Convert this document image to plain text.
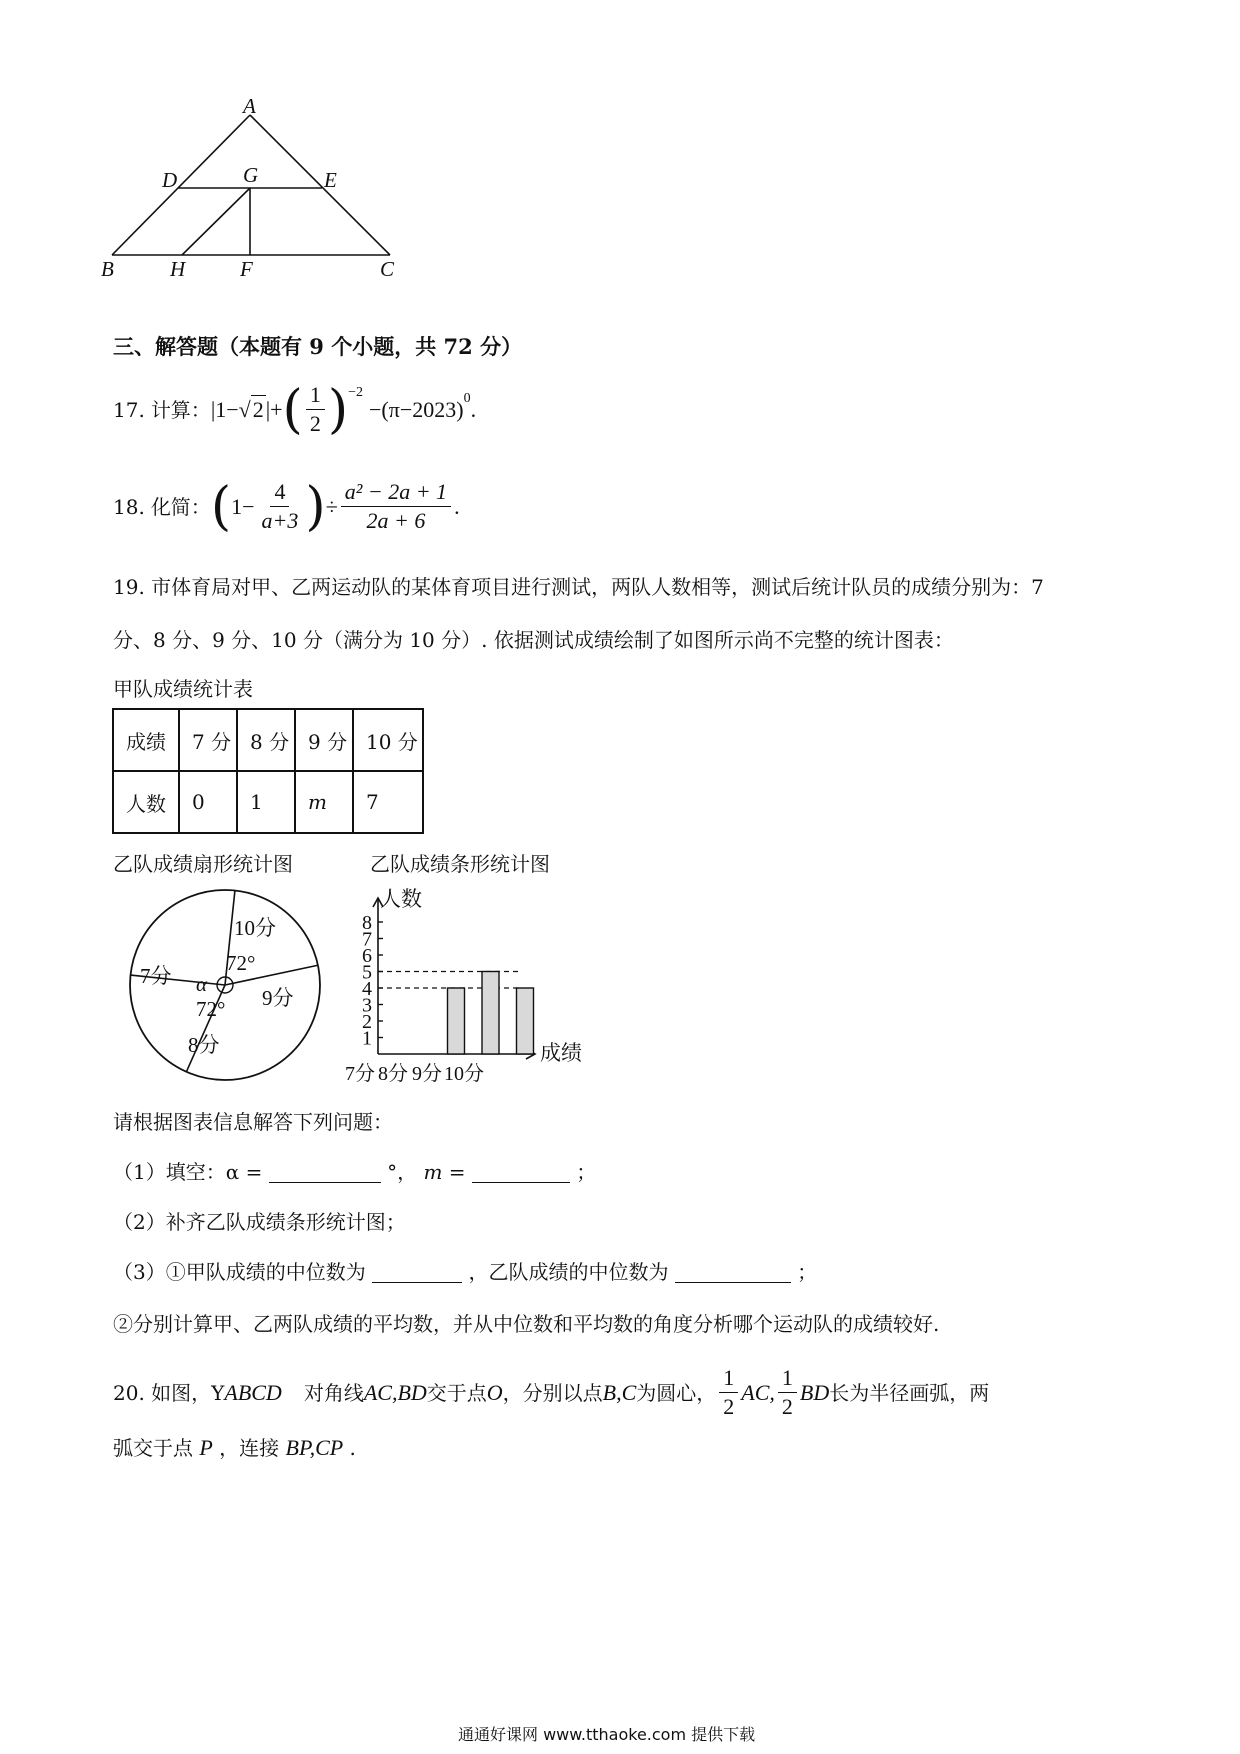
A
D	G	E
B	H	F	C
三、解答题（本题有 9 个小题，共 72 分）
17. 计算： |1− √ 2 |+ ( $\frac{1}{2} )^{-2}$
$-(\pi-2023)^0$ .
18. 化简： ( $1- \frac{4}{a+3}$ ) ÷ $\frac{\text{a² − 2a + 1}}{2a + 6}$ .
19. 市体育局对甲、乙两运动队的某体育项目进行测试，两队人数相等，测试后统计队员的成绩分别为：7
分、8 分、9 分、10 分（满分为 10 分）. 依据测试成绩绘制了如图所示尚不完整的统计图表：
甲队成绩统计表
成绩	7 分	8 分	9 分	10 分
人数	0	1	m	7
乙队成绩扇形统计图	乙队成绩条形统计图
10分
9分
8分
7分
72°
72°
α
1
2
3
4
5
6
7
8
7分 8分 9分 10分
人数
成绩
请根据图表信息解答下列问题：
（1）填空：α =	°， m =	；
（2）补齐乙队成绩条形统计图；
（3）①甲队成绩的中位数为	，乙队成绩的中位数为	；
②分别计算甲、乙两队成绩的平均数，并从中位数和平均数的角度分析哪个运动队的成绩较好.
20. 如图，Y ABCD 对角线 AC,BD 交于点 O ，分别以点 B,C 为圆心， $\frac{1}{2}$ AC, $\frac{1}{2}$ BD 长为半径画弧，两
弧交于点 P ，连接 BP,CP .
通通好课网 www.tthaoke.com 提供下载
